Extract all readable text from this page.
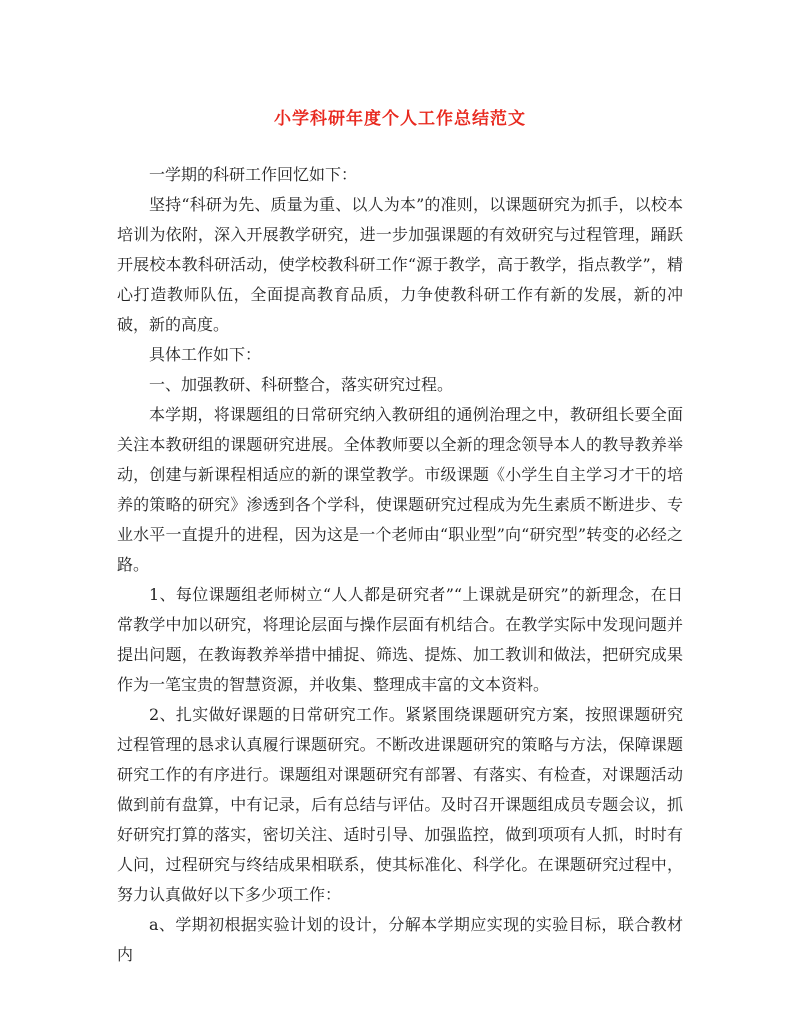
小学科研年度个人工作总结范文

一学期的科研工作回忆如下：

坚持“科研为先、质量为重、以人为本”的准则，以课题研究为抓手，以校本培训为依附，深入开展教学研究，进一步加强课题的有效研究与过程管理，踊跃开展校本教科研活动，使学校教科研工作“源于教学，高于教学，指点教学”，精心打造教师队伍，全面提高教育品质，力争使教科研工作有新的发展，新的冲破，新的高度。

具体工作如下：

一、加强教研、科研整合，落实研究过程。

本学期，将课题组的日常研究纳入教研组的通例治理之中，教研组长要全面关注本教研组的课题研究进展。全体教师要以全新的理念领导本人的教导教养举动，创建与新课程相适应的新的课堂教学。市级课题《小学生自主学习才干的培养的策略的研究》渗透到各个学科，使课题研究过程成为先生素质不断进步、专业水平一直提升的进程，因为这是一个老师由“职业型”向“研究型”转变的必经之路。

1、每位课题组老师树立“人人都是研究者”“上课就是研究”的新理念，在日常教学中加以研究，将理论层面与操作层面有机结合。在教学实际中发现问题并提出问题，在教诲教养举措中捕捉、筛选、提炼、加工教训和做法，把研究成果作为一笔宝贵的智慧资源，并收集、整理成丰富的文本资料。

2、扎实做好课题的日常研究工作。紧紧围绕课题研究方案，按照课题研究过程管理的恳求认真履行课题研究。不断改进课题研究的策略与方法，保障课题研究工作的有序进行。课题组对课题研究有部署、有落实、有检查，对课题活动做到前有盘算，中有记录，后有总结与评估。及时召开课题组成员专题会议，抓好研究打算的落实，密切关注、适时引导、加强监控，做到项项有人抓，时时有人问，过程研究与终结成果相联系，使其标准化、科学化。在课题研究过程中，努力认真做好以下多少项工作：

a、学期初根据实验计划的设计，分解本学期应实现的实验目标，联合教材内
